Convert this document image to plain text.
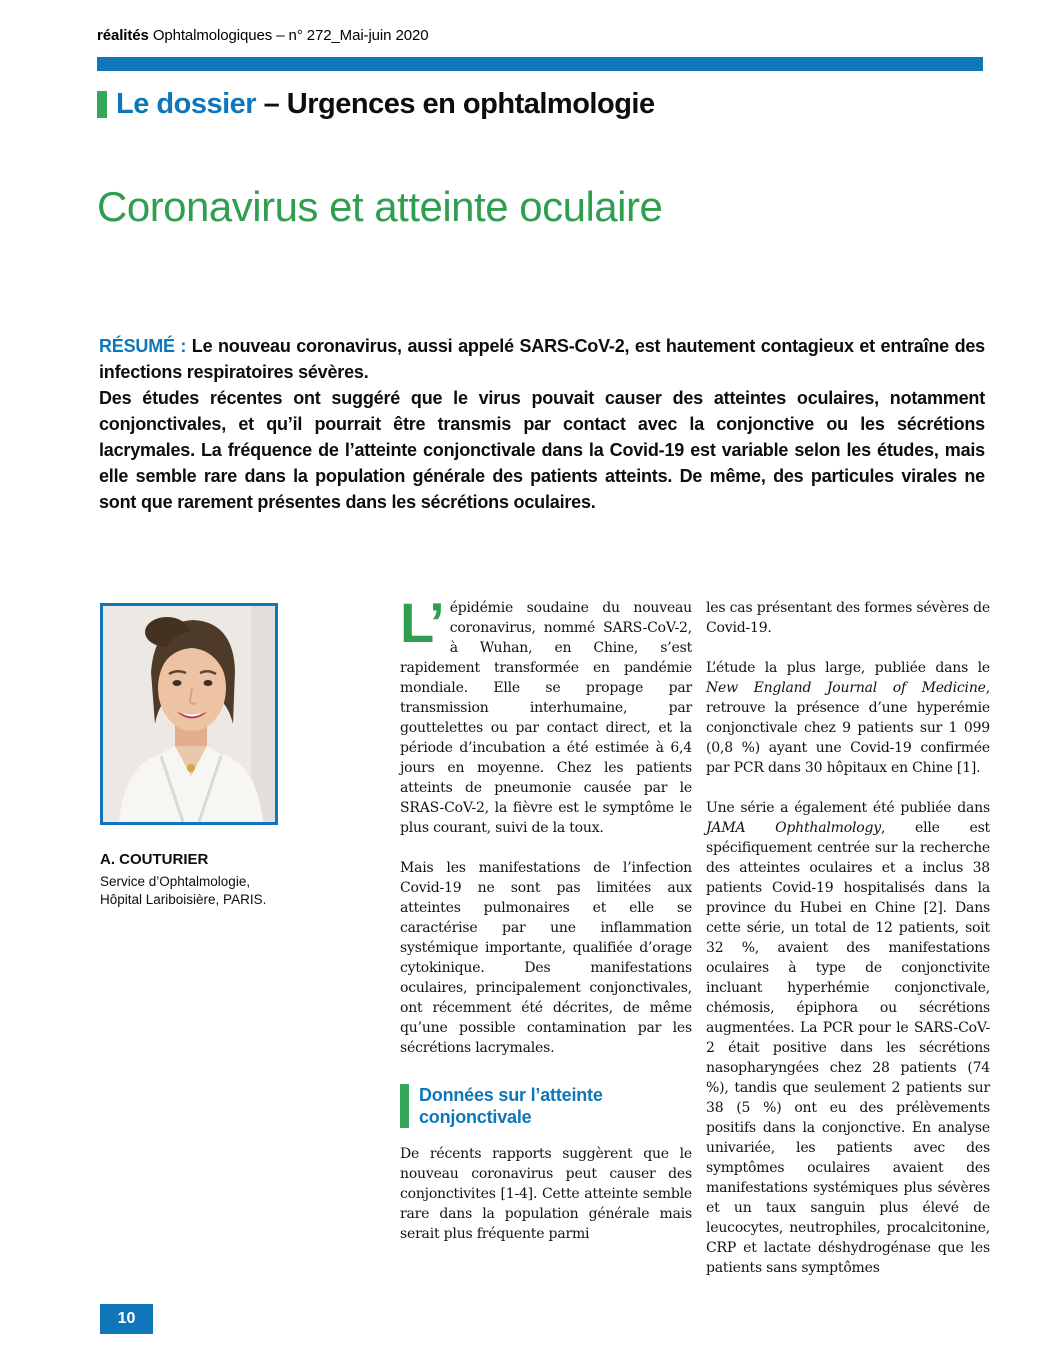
réalités Ophtalmologiques – n° 272_Mai-juin 2020
Le dossier – Urgences en ophtalmologie
Coronavirus et atteinte oculaire
RÉSUMÉ : Le nouveau coronavirus, aussi appelé SARS-CoV-2, est hautement contagieux et entraîne des infections respiratoires sévères.
Des études récentes ont suggéré que le virus pouvait causer des atteintes oculaires, notamment conjonctivales, et qu’il pourrait être transmis par contact avec la conjonctive ou les sécrétions lacrymales. La fréquence de l’atteinte conjonctivale dans la Covid-19 est variable selon les études, mais elle semble rare dans la population générale des patients atteints. De même, des particules virales ne sont que rarement présentes dans les sécrétions oculaires.
A. COUTURIER
Service d’Ophtalmologie,
Hôpital Lariboisière, PARIS.

L’ épidémie soudaine du nouveau coronavirus, nommé SARS-CoV-2, à Wuhan, en Chine, s’est rapidement transformée en pandémie mondiale. Elle se propage par transmission interhumaine, par gouttelettes ou par contact direct, et la période d’incubation a été estimée à 6,4 jours en moyenne. Chez les patients atteints de pneumonie causée par le SRAS-CoV-2, la fièvre est le symptôme le plus courant, suivi de la toux.

Mais les manifestations de l’infection Covid-19 ne sont pas limitées aux atteintes pulmonaires et elle se caractérise par une inflammation systémique importante, qualifiée d’orage cytokinique. Des manifestations oculaires, principalement conjonctivales, ont récemment été décrites, de même qu’une possible contamination par les sécrétions lacrymales.

Données sur l’atteinte conjonctivale

De récents rapports suggèrent que le nouveau coronavirus peut causer des conjonctivites [1-4]. Cette atteinte semble rare dans la population générale mais serait plus fréquente parmi

les cas présentant des formes sévères de Covid-19.

L’étude la plus large, publiée dans le New England Journal of Medicine, retrouve la présence d’une hyperémie conjonctivale chez 9 patients sur 1 099 (0,8 %) ayant une Covid-19 confirmée par PCR dans 30 hôpitaux en Chine [1].

Une série a également été publiée dans JAMA Ophthalmology, elle est spécifiquement centrée sur la recherche des atteintes oculaires et a inclus 38 patients Covid-19 hospitalisés dans la province du Hubei en Chine [2]. Dans cette série, un total de 12 patients, soit 32 %, avaient des manifestations oculaires à type de conjonctivite incluant hyperhémie conjonctivale, chémosis, épiphora ou sécrétions augmentées. La PCR pour le SARS-CoV-2 était positive dans les sécrétions nasopharyngées chez 28 patients (74 %), tandis que seulement 2 patients sur 38 (5 %) ont eu des prélèvements positifs dans la conjonctive. En analyse univariée, les patients avec des symptômes oculaires avaient des manifestations systémiques plus sévères et un taux sanguin plus élevé de leucocytes, neutrophiles, procalcitonine, CRP et lactate déshydrogénase que les patients sans symptômes

10
